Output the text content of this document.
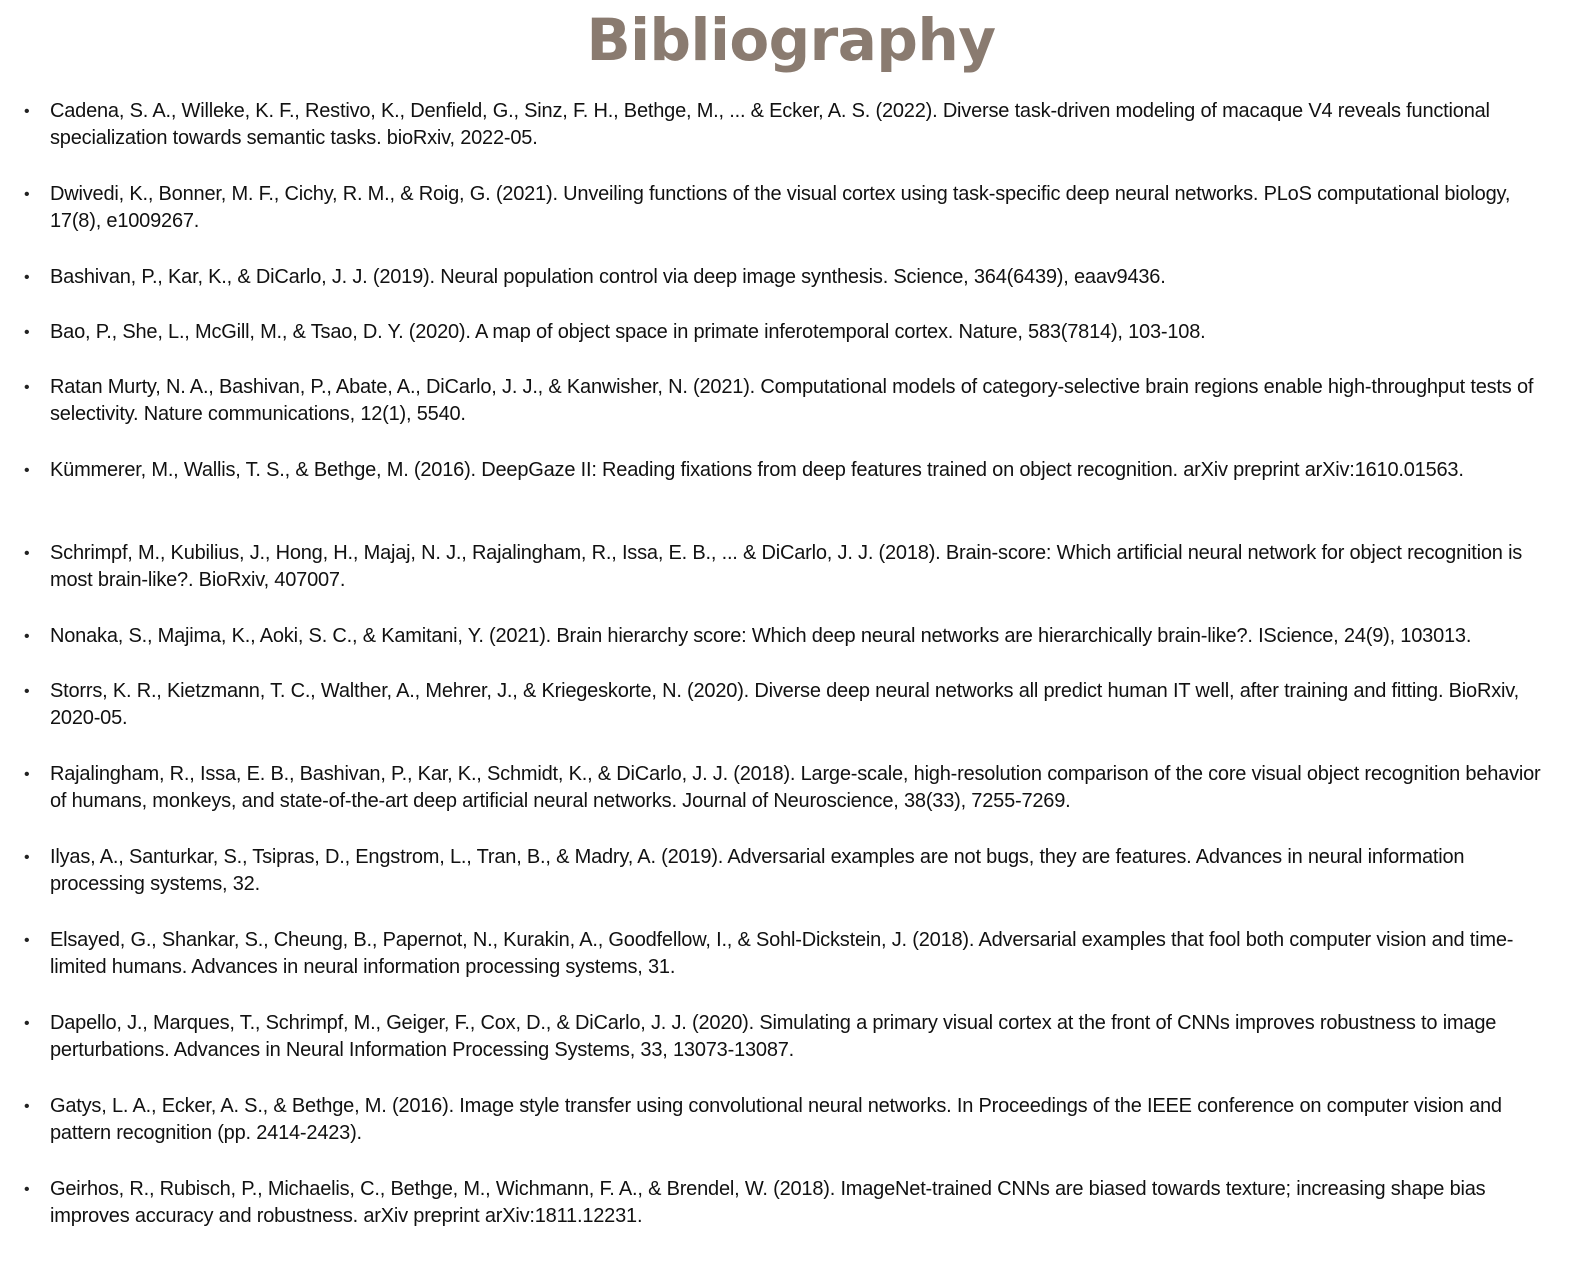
Bibliography
• Cadena, S. A., Willeke, K. F., Restivo, K., Denfield, G., Sinz, F. H., Bethge, M., ... & Ecker, A. S. (2022). Diverse task-driven modeling of macaque V4 reveals functional specialization towards semantic tasks. bioRxiv, 2022-05.
• Dwivedi, K., Bonner, M. F., Cichy, R. M., & Roig, G. (2021). Unveiling functions of the visual cortex using task-specific deep neural networks. PLoS computational biology, 17(8), e1009267.
• Bashivan, P., Kar, K., & DiCarlo, J. J. (2019). Neural population control via deep image synthesis. Science, 364(6439), eaav9436.
• Bao, P., She, L., McGill, M., & Tsao, D. Y. (2020). A map of object space in primate inferotemporal cortex. Nature, 583(7814), 103-108.
• Ratan Murty, N. A., Bashivan, P., Abate, A., DiCarlo, J. J., & Kanwisher, N. (2021). Computational models of category-selective brain regions enable high-throughput tests of selectivity. Nature communications, 12(1), 5540.
• Kümmerer, M., Wallis, T. S., & Bethge, M. (2016). DeepGaze II: Reading fixations from deep features trained on object recognition. arXiv preprint arXiv:1610.01563.
• Schrimpf, M., Kubilius, J., Hong, H., Majaj, N. J., Rajalingham, R., Issa, E. B., ... & DiCarlo, J. J. (2018). Brain-score: Which artificial neural network for object recognition is most brain-like?. BioRxiv, 407007.
• Nonaka, S., Majima, K., Aoki, S. C., & Kamitani, Y. (2021). Brain hierarchy score: Which deep neural networks are hierarchically brain-like?. IScience, 24(9), 103013.
• Storrs, K. R., Kietzmann, T. C., Walther, A., Mehrer, J., & Kriegeskorte, N. (2020). Diverse deep neural networks all predict human IT well, after training and fitting. BioRxiv, 2020-05.
• Rajalingham, R., Issa, E. B., Bashivan, P., Kar, K., Schmidt, K., & DiCarlo, J. J. (2018). Large-scale, high-resolution comparison of the core visual object recognition behavior of humans, monkeys, and state-of-the-art deep artificial neural networks. Journal of Neuroscience, 38(33), 7255-7269.
• Ilyas, A., Santurkar, S., Tsipras, D., Engstrom, L., Tran, B., & Madry, A. (2019). Adversarial examples are not bugs, they are features. Advances in neural information processing systems, 32.
• Elsayed, G., Shankar, S., Cheung, B., Papernot, N., Kurakin, A., Goodfellow, I., & Sohl-Dickstein, J. (2018). Adversarial examples that fool both computer vision and time-limited humans. Advances in neural information processing systems, 31.
• Dapello, J., Marques, T., Schrimpf, M., Geiger, F., Cox, D., & DiCarlo, J. J. (2020). Simulating a primary visual cortex at the front of CNNs improves robustness to image perturbations. Advances in Neural Information Processing Systems, 33, 13073-13087.
• Gatys, L. A., Ecker, A. S., & Bethge, M. (2016). Image style transfer using convolutional neural networks. In Proceedings of the IEEE conference on computer vision and pattern recognition (pp. 2414-2423).
• Geirhos, R., Rubisch, P., Michaelis, C., Bethge, M., Wichmann, F. A., & Brendel, W. (2018). ImageNet-trained CNNs are biased towards texture; increasing shape bias improves accuracy and robustness. arXiv preprint arXiv:1811.12231.
